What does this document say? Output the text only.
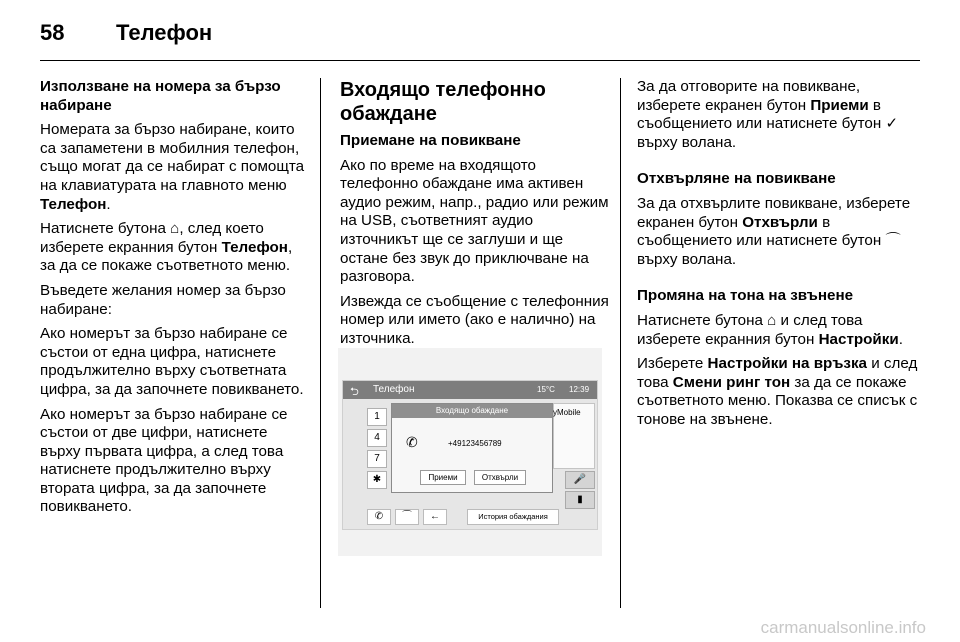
58	Телефон

Използване на номера за бързо набиране

Номерата за бързо набиране, които са запаметени в мобилния телефон, също могат да се набират с помощта на клавиатурата на главното меню Телефон.

Натиснете бутона ⌂, след което изберете екранния бутон Телефон, за да се покаже съответното меню.

Въведете желания номер за бързо набиране:

Ако номерът за бързо набиране се състои от една цифра, натиснете продължително върху съответната цифра, за да започнете повикването.

Ако номерът за бързо набиране се състои от две цифри, натиснете върху първата цифра, а след това натиснете продължително върху втората цифра, за да започнете повикването.

Входящо телефонно обаждане

Приемане на повикване

Ако по време на входящото телефонно обаждане има активен аудио режим, напр., радио или режим на USB, съответният аудио източникът ще се заглуши и ще остане без звук до приключване на разговора.

Извежда се съобщение с телефонния номер или името (ако е налично) на източника.

⮌ Телефон	15°C 12:39
1
4
7
✱
yMobile
Входящо обаждане
✆	+49123456789
Приеми	Отхвърли	🎤
▮
✆	⌒	←	История обаждания

За да отговорите на повикване, изберете екранен бутон Приеми в съобщението или натиснете бутон ✓ върху волана.

Отхвърляне на повикване

За да отхвърлите повикване, изберете екранен бутон Отхвърли в съобщението или натиснете бутон ⌒ върху волана.

Промяна на тона на звънене

Натиснете бутона ⌂ и след това изберете екранния бутон Настройки.

Изберете Настройки на връзка и след това Смени ринг тон за да се покаже съответното меню. Показва се списък с тонове на звънене.

carmanualsonline.info
